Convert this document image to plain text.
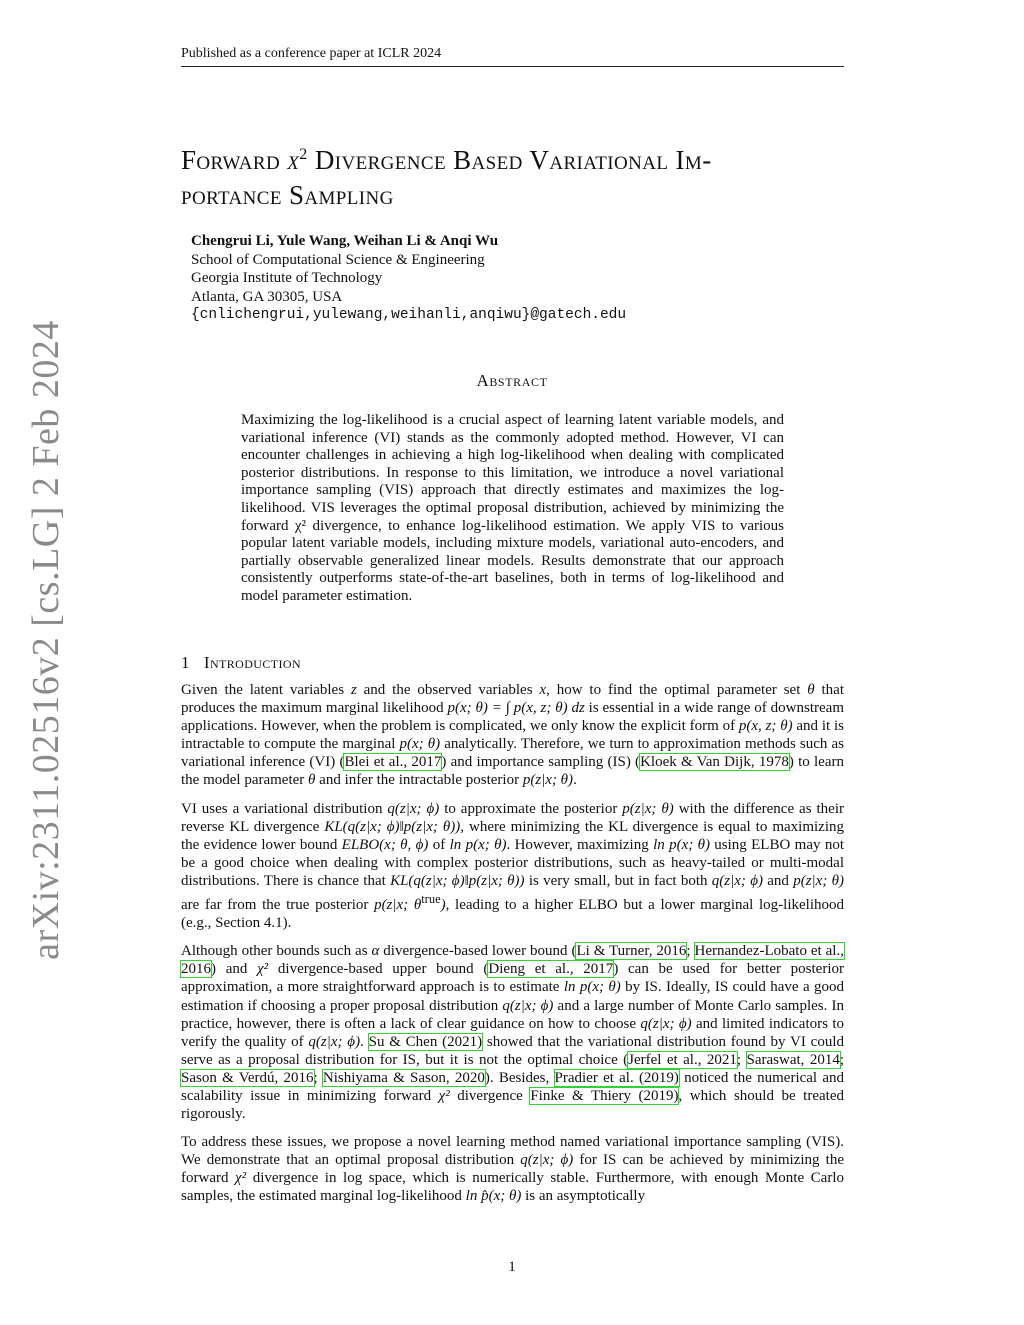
Published as a conference paper at ICLR 2024
arXiv:2311.02516v2 [cs.LG] 2 Feb 2024
Forward $\chi^2$ Divergence Based Variational Im-
portance Sampling
Chengrui Li, Yule Wang, Weihan Li & Anqi Wu
School of Computational Science & Engineering
Georgia Institute of Technology
Atlanta, GA 30305, USA
{cnlichengrui,yulewang,weihanli,anqiwu}@gatech.edu
Abstract
Maximizing the log-likelihood is a crucial aspect of learning latent variable models, and variational inference (VI) stands as the commonly adopted method. However, VI can encounter challenges in achieving a high log-likelihood when dealing with complicated posterior distributions. In response to this limitation, we introduce a novel variational importance sampling (VIS) approach that directly estimates and maximizes the log-likelihood. VIS leverages the optimal proposal distribution, achieved by minimizing the forward χ² divergence, to enhance log-likelihood estimation. We apply VIS to various popular latent variable models, including mixture models, variational auto-encoders, and partially observable generalized linear models. Results demonstrate that our approach consistently outperforms state-of-the-art baselines, both in terms of log-likelihood and model parameter estimation.
1 Introduction

Given the latent variables z and the observed variables x, how to find the optimal parameter set θ that produces the maximum marginal likelihood p(x; θ) = ∫ p(x, z; θ) dz is essential in a wide range of downstream applications. However, when the problem is complicated, we only know the explicit form of p(x, z; θ) and it is intractable to compute the marginal p(x; θ) analytically. Therefore, we turn to approximation methods such as variational inference (VI) (Blei et al., 2017) and importance sampling (IS) (Kloek & Van Dijk, 1978) to learn the model parameter θ and infer the intractable posterior p(z|x; θ).

VI uses a variational distribution q(z|x; ϕ) to approximate the posterior p(z|x; θ) with the difference as their reverse KL divergence KL(q(z|x; ϕ)‖p(z|x; θ)), where minimizing the KL divergence is equal to maximizing the evidence lower bound ELBO(x; θ, ϕ) of ln p(x; θ). However, maximizing ln p(x; θ) using ELBO may not be a good choice when dealing with complex posterior distributions, such as heavy-tailed or multi-modal distributions. There is chance that KL(q(z|x; ϕ)‖p(z|x; θ)) is very small, but in fact both q(z|x; ϕ) and p(z|x; θ) are far from the true posterior p(z|x; $\theta^{true}$), leading to a higher ELBO but a lower marginal log-likelihood (e.g., Section 4.1).

Although other bounds such as α divergence-based lower bound (Li & Turner, 2016; Hernandez-Lobato et al., 2016) and χ² divergence-based upper bound (Dieng et al., 2017) can be used for better posterior approximation, a more straightforward approach is to estimate ln p(x; θ) by IS. Ideally, IS could have a good estimation if choosing a proper proposal distribution q(z|x; ϕ) and a large number of Monte Carlo samples. In practice, however, there is often a lack of clear guidance on how to choose q(z|x; ϕ) and limited indicators to verify the quality of q(z|x; ϕ). Su & Chen (2021) showed that the variational distribution found by VI could serve as a proposal distribution for IS, but it is not the optimal choice (Jerfel et al., 2021; Saraswat, 2014; Sason & Verdú, 2016; Nishiyama & Sason, 2020). Besides, Pradier et al. (2019) noticed the numerical and scalability issue in minimizing forward χ² divergence Finke & Thiery (2019), which should be treated rigorously.

To address these issues, we propose a novel learning method named variational importance sampling (VIS). We demonstrate that an optimal proposal distribution q(z|x; ϕ) for IS can be achieved by minimizing the forward χ² divergence in log space, which is numerically stable. Furthermore, with enough Monte Carlo samples, the estimated marginal log-likelihood ln p̂(x; θ) is an asymptotically

1
